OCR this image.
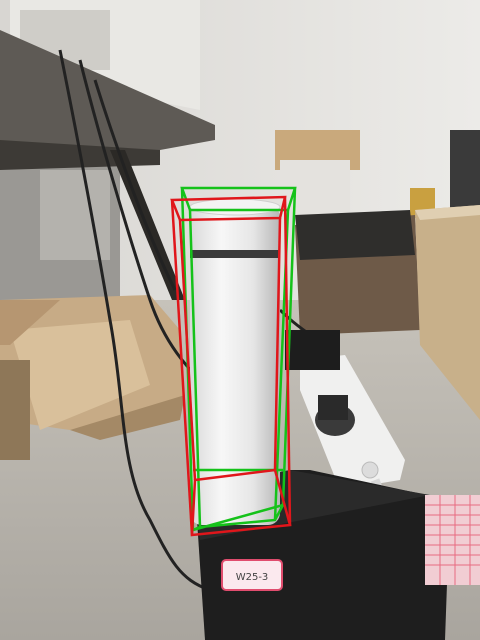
W25-3
